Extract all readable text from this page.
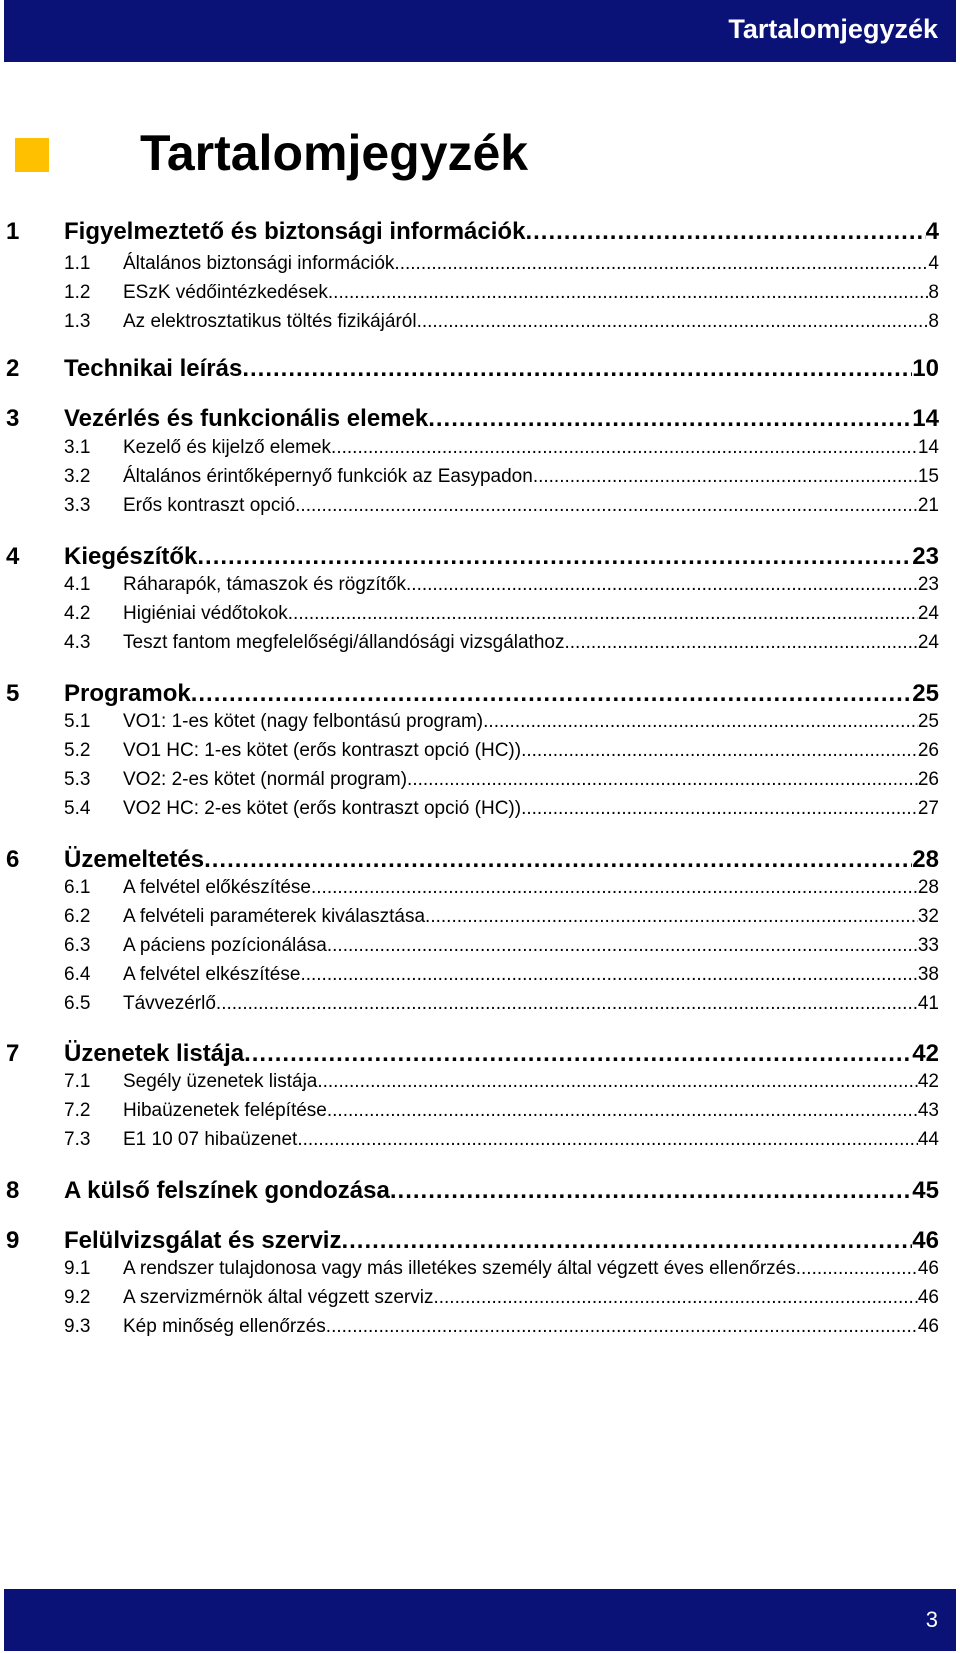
Tartalomjegyzék
Tartalomjegyzék
1 Figyelmeztető és biztonsági információk .....	4
1.1 Általános biztonsági információk .....	4
1.2 ESzK védőintézkedések .....	8
1.3 Az elektrosztatikus töltés fizikájáról .....	8
2 Technikai leírás .....	10
3 Vezérlés és funkcionális elemek .....	14
3.1 Kezelő és kijelző elemek .....	14
3.2 Általános érintőképernyő funkciók az Easypadon .....	15
3.3 Erős kontraszt opció .....	21
4 Kiegészítők .....	23
4.1 Ráharapók, támaszok és rögzítők .....	23
4.2 Higiéniai védőtokok .....	24
4.3 Teszt fantom megfelelőségi/állandósági vizsgálathoz .....	24
5 Programok .....	25
5.1 VO1: 1-es kötet (nagy felbontású program) .....	25
5.2 VO1 HC: 1-es kötet (erős kontraszt opció (HC)) .....	26
5.3 VO2: 2-es kötet (normál program) .....	26
5.4 VO2 HC: 2-es kötet (erős kontraszt opció (HC)) .....	27
6 Üzemeltetés .....	28
6.1 A felvétel előkészítése .....	28
6.2 A felvételi paraméterek kiválasztása .....	32
6.3 A páciens pozícionálása .....	33
6.4 A felvétel elkészítése .....	38
6.5 Távvezérlő .....	41
7 Üzenetek listája .....	42
7.1 Segély üzenetek listája .....	42
7.2 Hibaüzenetek felépítése .....	43
7.3 E1 10 07 hibaüzenet .....	44
8 A külső felszínek gondozása .....	45
9 Felülvizsgálat és szerviz .....	46
9.1 A rendszer tulajdonosa vagy más illetékes személy által végzett éves ellenőrzés .....	46
9.2 A szervizmérnök által végzett szerviz .....	46
9.3 Kép minőség ellenőrzés .....	46
3
